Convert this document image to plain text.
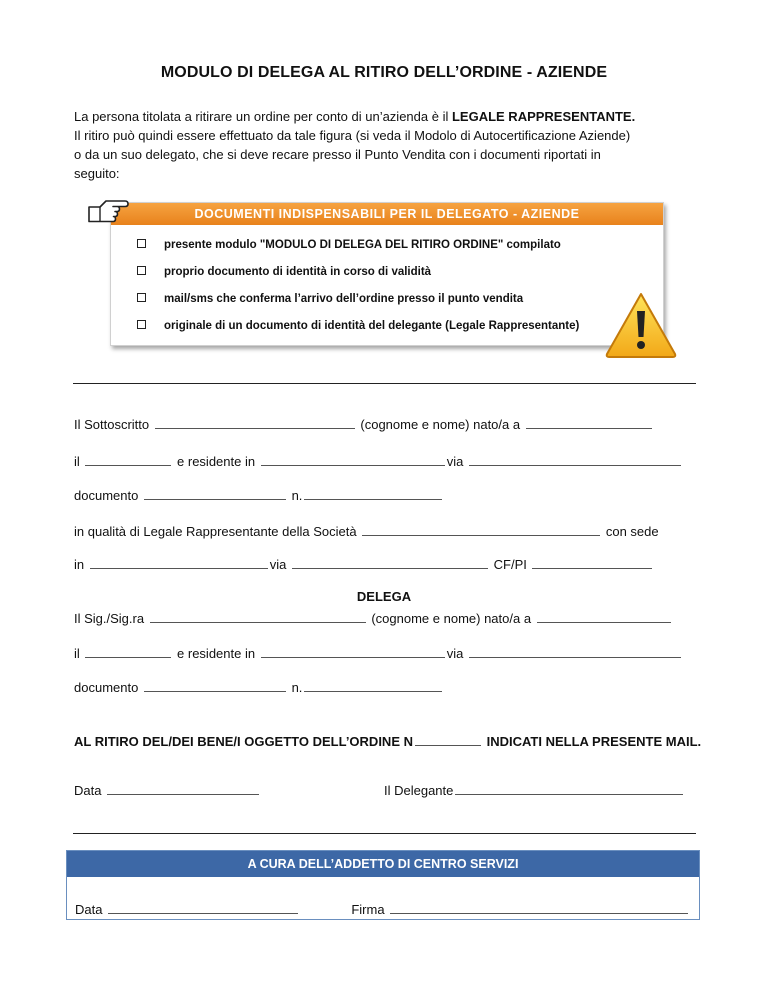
MODULO DI DELEGA AL RITIRO DELL’ORDINE - AZIENDE

La persona titolata a ritirare un ordine per conto di un’azienda è il LEGALE RAPPRESENTANTE.

Il ritiro può quindi essere effettuato da tale figura (si veda il Modolo di Autocertificazione Aziende)

o da un suo delegato, che si deve recare presso il Punto Vendita con i documenti riportati in

seguito:

DOCUMENTI INDISPENSABILI PER IL DELEGATO - AZIENDE
presente modulo "MODULO DI DELEGA DEL RITIRO ORDINE" compilato
proprio documento di identità in corso di validità
mail/sms che conferma l’arrivo dell’ordine presso il punto vendita
originale di un documento di identità del delegante (Legale Rappresentante)
Il Sottoscritto	(cognome e nome) nato/a a
il	e residente in	via
documento	n.
in qualità di Legale Rappresentante della Società	con sede
in	via	CF/PI
DELEGA
Il Sig./Sig.ra	(cognome e nome) nato/a a
il	e residente in	via
documento	n.
AL RITIRO DEL/DEI BENE/I OGGETTO DELL’ORDINE N	INDICATI NELLA PRESENTE MAIL.
Data	Il Delegante
A CURA DELL’ADDETTO DI CENTRO SERVIZI
Data	Firma
